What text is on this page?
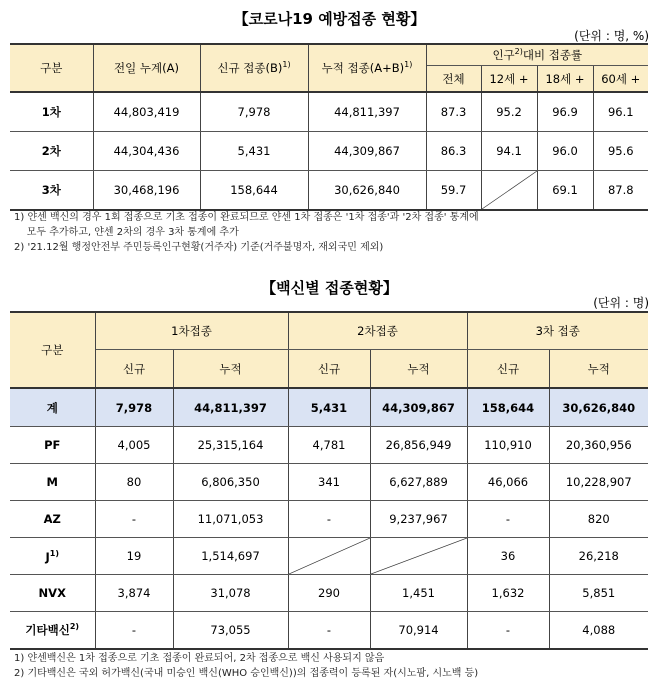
【코로나19 예방접종 현황】
(단위 : 명, %)
구분	전일 누계(A)	신규 접종$(B)^{1)}$	누적 접종$(A+B)^{1)}$	인구$^{2)}$대비 접종률			
				전체	12세 +	18세 +	60세 +
1차	44,803,419	7,978	44,811,397	87.3	95.2	96.9	96.1
2차	44,304,436	5,431	44,309,867	86.3	94.1	96.0	95.6
3차	30,468,196	158,644	30,626,840	59.7		69.1	87.8
1) 얀센 백신의 경우 1회 접종으로 기초 접종이 완료되므로 얀센 1차 접종은 '1차 접종'과 '2차 접종' 통계에
모두 추가하고, 얀센 2차의 경우 3차 통계에 추가
2) '21.12월 행정안전부 주민등록인구현황(거주자) 기준(거주불명자, 재외국민 제외)
【백신별 접종현황】
(단위 : 명)
구분	1차접종		2차접종		3차 접종	
	신규	누적	신규	누적	신규	누적
계	7,978	44,811,397	5,431	44,309,867	158,644	30,626,840
PF	4,005	25,315,164	4,781	26,856,949	110,910	20,360,956
M	80	6,806,350	341	6,627,889	46,066	10,228,907
AZ	-	11,071,053	-	9,237,967	-	820
$J^{1)}$	19	1,514,697			36	26,218
NVX	3,874	31,078	290	1,451	1,632	5,851
기타백신$^{2)}$	-	73,055	-	70,914	-	4,088
1) 얀센백신은 1차 접종으로 기초 접종이 완료되어, 2차 접종으로 백신 사용되지 않음
2) 기타백신은 국외 허가백신(국내 미승인 백신(WHO 승인백신))의 접종력이 등록된 자(시노팜, 시노백 등)
